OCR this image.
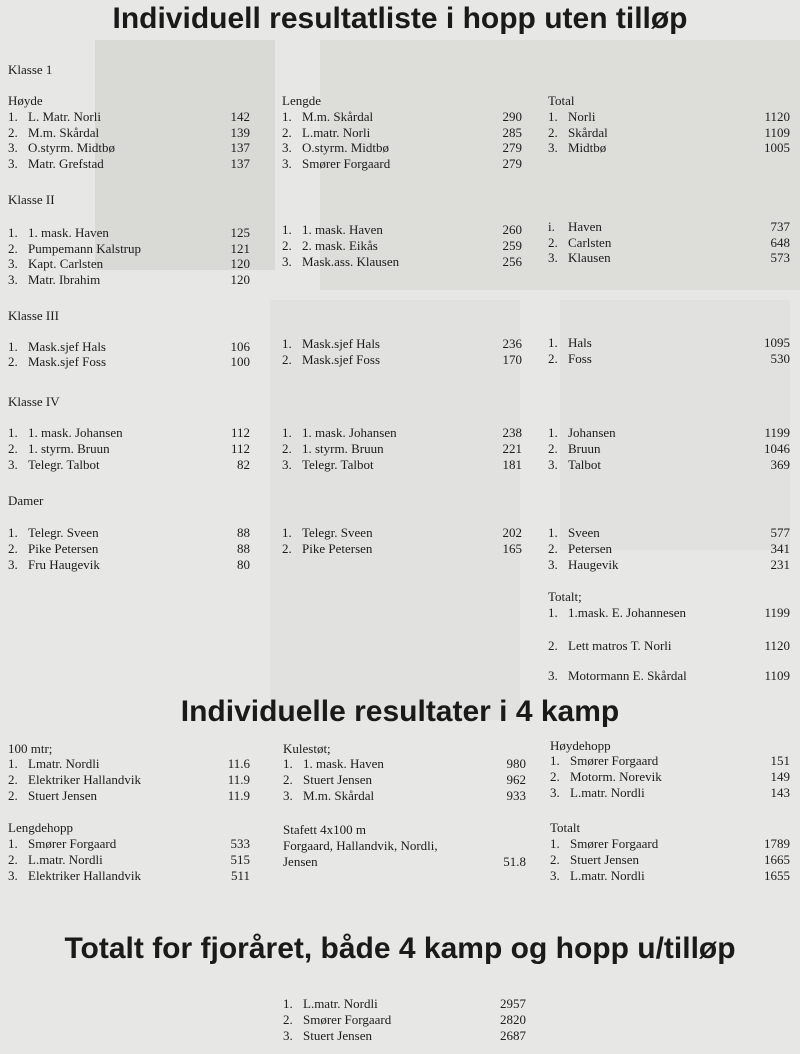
Individuell resultatliste i hopp uten tilløp
Klasse 1
Høyde
1. L. Matr. Norli	142
2. M.m. Skårdal	139
3. O.styrm. Midtbø	137
3. Matr. Grefstad	137
Lengde
1. M.m. Skårdal	290
2. L.matr. Norli	285
3. O.styrm. Midtbø	279
3. Smører Forgaard	279
Total
1. Norli	1120
2. Skårdal	1109
3. Midtbø	1005
Klasse II
1. 1. mask. Haven	125
2. Pumpemann Kalstrup	121
3. Kapt. Carlsten	120
3. Matr. Ibrahim	120
1. 1. mask. Haven	260
2. 2. mask. Eikås	259
3. Mask.ass. Klausen	256
i. Haven	737
2. Carlsten	648
3. Klausen	573
Klasse III
1. Mask.sjef Hals	106
2. Mask.sjef Foss	100
1. Mask.sjef Hals	236
2. Mask.sjef Foss	170
1. Hals	1095
2. Foss	530
Klasse IV
1. 1. mask. Johansen	112
2. 1. styrm. Bruun	112
3. Telegr. Talbot	82
1. 1. mask. Johansen	238
2. 1. styrm. Bruun	221
3. Telegr. Talbot	181
1. Johansen	1199
2. Bruun	1046
3. Talbot	369
Damer
1. Telegr. Sveen	88
2. Pike Petersen	88
3. Fru Haugevik	80
1. Telegr. Sveen	202
2. Pike Petersen	165
1. Sveen	577
2. Petersen	341
3. Haugevik	231
Totalt;
1. 1.mask. E. Johannesen	1199
2. Lett matros T. Norli	1120
3. Motormann E. Skårdal	1109
Individuelle resultater i 4 kamp
100 mtr;
1. Lmatr. Nordli	11.6
2. Elektriker Hallandvik	11.9
2. Stuert Jensen	11.9
Kulestøt;
1. 1. mask. Haven	980
2. Stuert Jensen	962
3. M.m. Skårdal	933
Høydehopp
1. Smører Forgaard	151
2. Motorm. Norevik	149
3. L.matr. Nordli	143
Lengdehopp
1. Smører Forgaard	533
2. L.matr. Nordli	515
3. Elektriker Hallandvik	511
Totalt
1. Smører Forgaard	1789
2. Stuert Jensen	1665
3. L.matr. Nordli	1655
Stafett 4x100 m
Forgaard, Hallandvik, Nordli,
Jensen	51.8
Totalt for fjoråret, både 4 kamp og hopp u/tilløp
1. L.matr. Nordli	2957
2. Smører Forgaard	2820
3. Stuert Jensen	2687
